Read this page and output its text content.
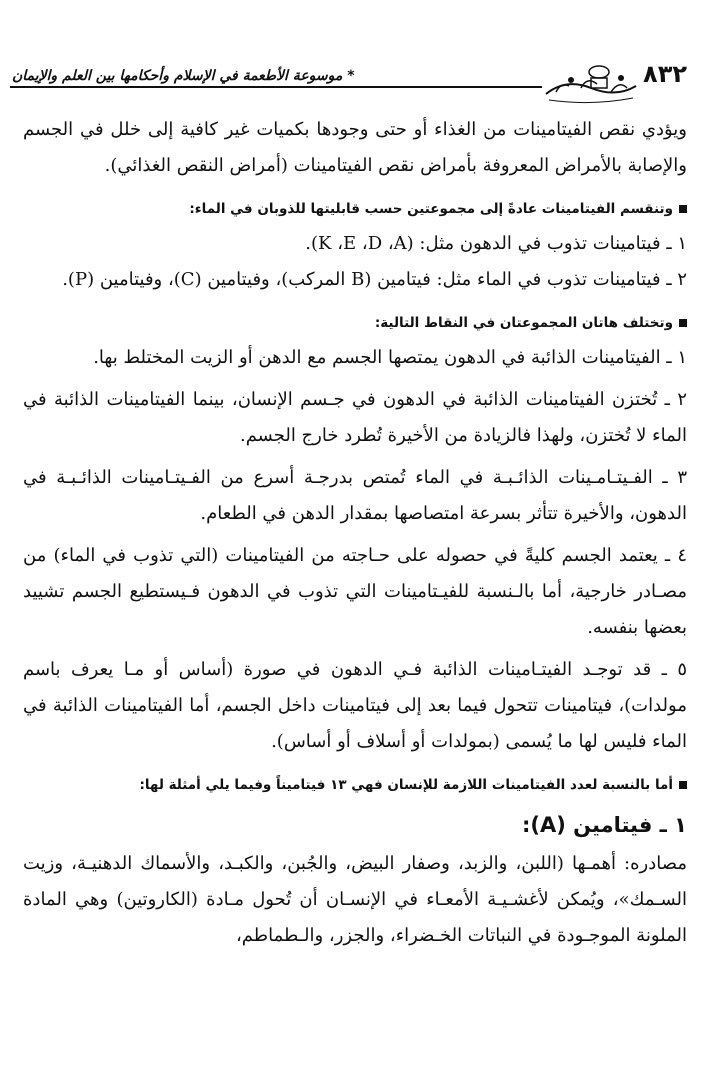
٨٣٢
* موسوعة الأطعمة في الإسلام وأحكامها بين العلم والإيمان

ويؤدي نقص الفيتامينات من الغذاء أو حتى وجودها بكميات غير كافية إلى خلل في الجسم والإصابة بالأمراض المعروفة بأمراض نقص الفيتامينات (أمراض النقص الغذائي).

وتنقسم الفيتامينات عادةً إلى مجموعتين حسب قابليتها للذوبان في الماء:

١ ـ فيتامينات تذوب في الدهون مثل: (K ،E ،D ،A).

٢ ـ فيتامينات تذوب في الماء مثل: فيتامين (B المركب)، وفيتامين (C)، وفيتامين (P).

وتختلف هاتان المجموعتان في النقاط التالية:

١ ـ الفيتامينات الذائبة في الدهون يمتصها الجسم مع الدهن أو الزيت المختلط بها.

٢ ـ تُختزن الفيتامينات الذائبة في الدهون في جـسم الإنسان، بينما الفيتامينات الذائبة في الماء لا تُختزن، ولهذا فالزيادة من الأخيرة تُطرد خارج الجسم.

٣ ـ الفـيتـامـينات الذائـبـة في الماء تُمتص بدرجـة أسرع من الفـيتـامينات الذائـبـة في الدهون، والأخيرة تتأثر بسرعة امتصاصها بمقدار الدهن في الطعام.

٤ ـ يعتمد الجسم كليةً في حصوله على حـاجته من الفيتامينات (التي تذوب في الماء) من مصـادر خارجية، أما بالـنسبة للفيـتامينات التي تذوب في الدهون فـيستطيع الجسم تشييد بعضها بنفسه.

٥ ـ قد توجـد الفيتـامينات الذائبة فـي الدهون في صورة (أساس أو مـا يعرف باسم مولدات)، فيتامينات تتحول فيما بعد إلى فيتامينات داخل الجسم، أما الفيتامينات الذائبة في الماء فليس لها ما يُسمى (بمولدات أو أسلاف أو أساس).

أما بالنسبة لعدد الفيتامينات اللازمة للإنسان فهي ١٣ فيتاميناً وفيما يلي أمثلة لها:

١ ـ فيتامين (A):

مصادره: أهمـها (اللبن، والزبد، وصفار البيض، والجُبن، والكبـد، والأسماك الدهنيـة، وزيت السـمك»، ويُمكن لأغشـيـة الأمعـاء في الإنسـان أن تُحول مـادة (الكاروتين) وهي المادة الملونة الموجـودة في النباتات الخـضراء، والجزر، والـطماطم،
